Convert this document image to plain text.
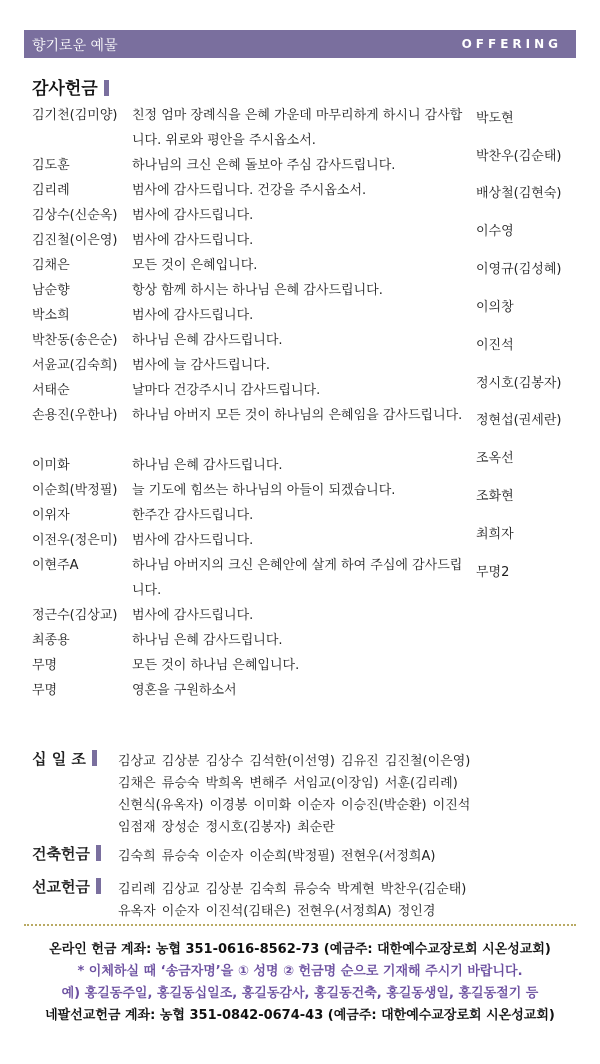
향기로운 예물	OFFERING
감사헌금
김기천(김미양) 친정 엄마 장례식을 은혜 가운데 마무리하게 하시니 감사합니다. 위로와 평안을 주시옵소서.
김도훈	하나님의 크신 은혜 돌보아 주심 감사드립니다.
김리례	범사에 감사드립니다. 건강을 주시옵소서.
김상수(신순옥) 범사에 감사드립니다.
김진철(이은영) 범사에 감사드립니다.
김채은	모든 것이 은혜입니다.
남순향	항상 함께 하시는 하나님 은혜 감사드립니다.
박소희	범사에 감사드립니다.
박찬동(송은순) 하나님 은혜 감사드립니다.
서윤교(김숙희) 범사에 늘 감사드립니다.
서태순	날마다 건강주시니 감사드립니다.
손용진(우한나) 하나님 아버지 모든 것이 하나님의 은혜임을 감사드립니다.
이미화	하나님 은혜 감사드립니다.
이순희(박정필) 늘 기도에 힘쓰는 하나님의 아들이 되겠습니다.
이위자	한주간 감사드립니다.
이전우(정은미) 범사에 감사드립니다.
이현주A	하나님 아버지의 크신 은혜안에 살게 하여 주심에 감사드립니다.
정근수(김상교) 범사에 감사드립니다.
최종용	하나님 은혜 감사드립니다.
무명	모든 것이 하나님 은혜입니다.
무명	영혼을 구원하소서
박도현
박찬우(김순태)
배상철(김현숙)
이수영
이영규(김성혜)
이의창
이진석
정시호(김봉자)
정현섭(권세란)
조옥선
조화현
최희자
무명2
십 일 조	김상교 김상분 김상수 김석한(이선영) 김유진 김진철(이은영)
김채은 류승숙 박희옥 변해주 서임교(이장임) 서훈(김리례)
신현식(유옥자) 이경봉 이미화 이순자 이승진(박순환) 이진석
임점재 장성순 정시호(김봉자) 최순란
건축헌금	김숙희 류승숙 이순자 이순희(박정필) 전현우(서정희A)
선교헌금	김리례 김상교 김상분 김숙희 류승숙 박계현 박찬우(김순태)
유옥자 이순자 이진석(김태은) 전현우(서정희A) 정인경
온라인 헌금 계좌: 농협 351-0616-8562-73 (예금주: 대한예수교장로회 시온성교회)
* 이체하실 때 ‘송금자명’을 ① 성명 ② 헌금명 순으로 기재해 주시기 바랍니다.
예) 홍길동주일, 홍길동십일조, 홍길동감사, 홍길동건축, 홍길동생일, 홍길동절기 등
네팔선교헌금 계좌: 농협 351-0842-0674-43 (예금주: 대한예수교장로회 시온성교회)
